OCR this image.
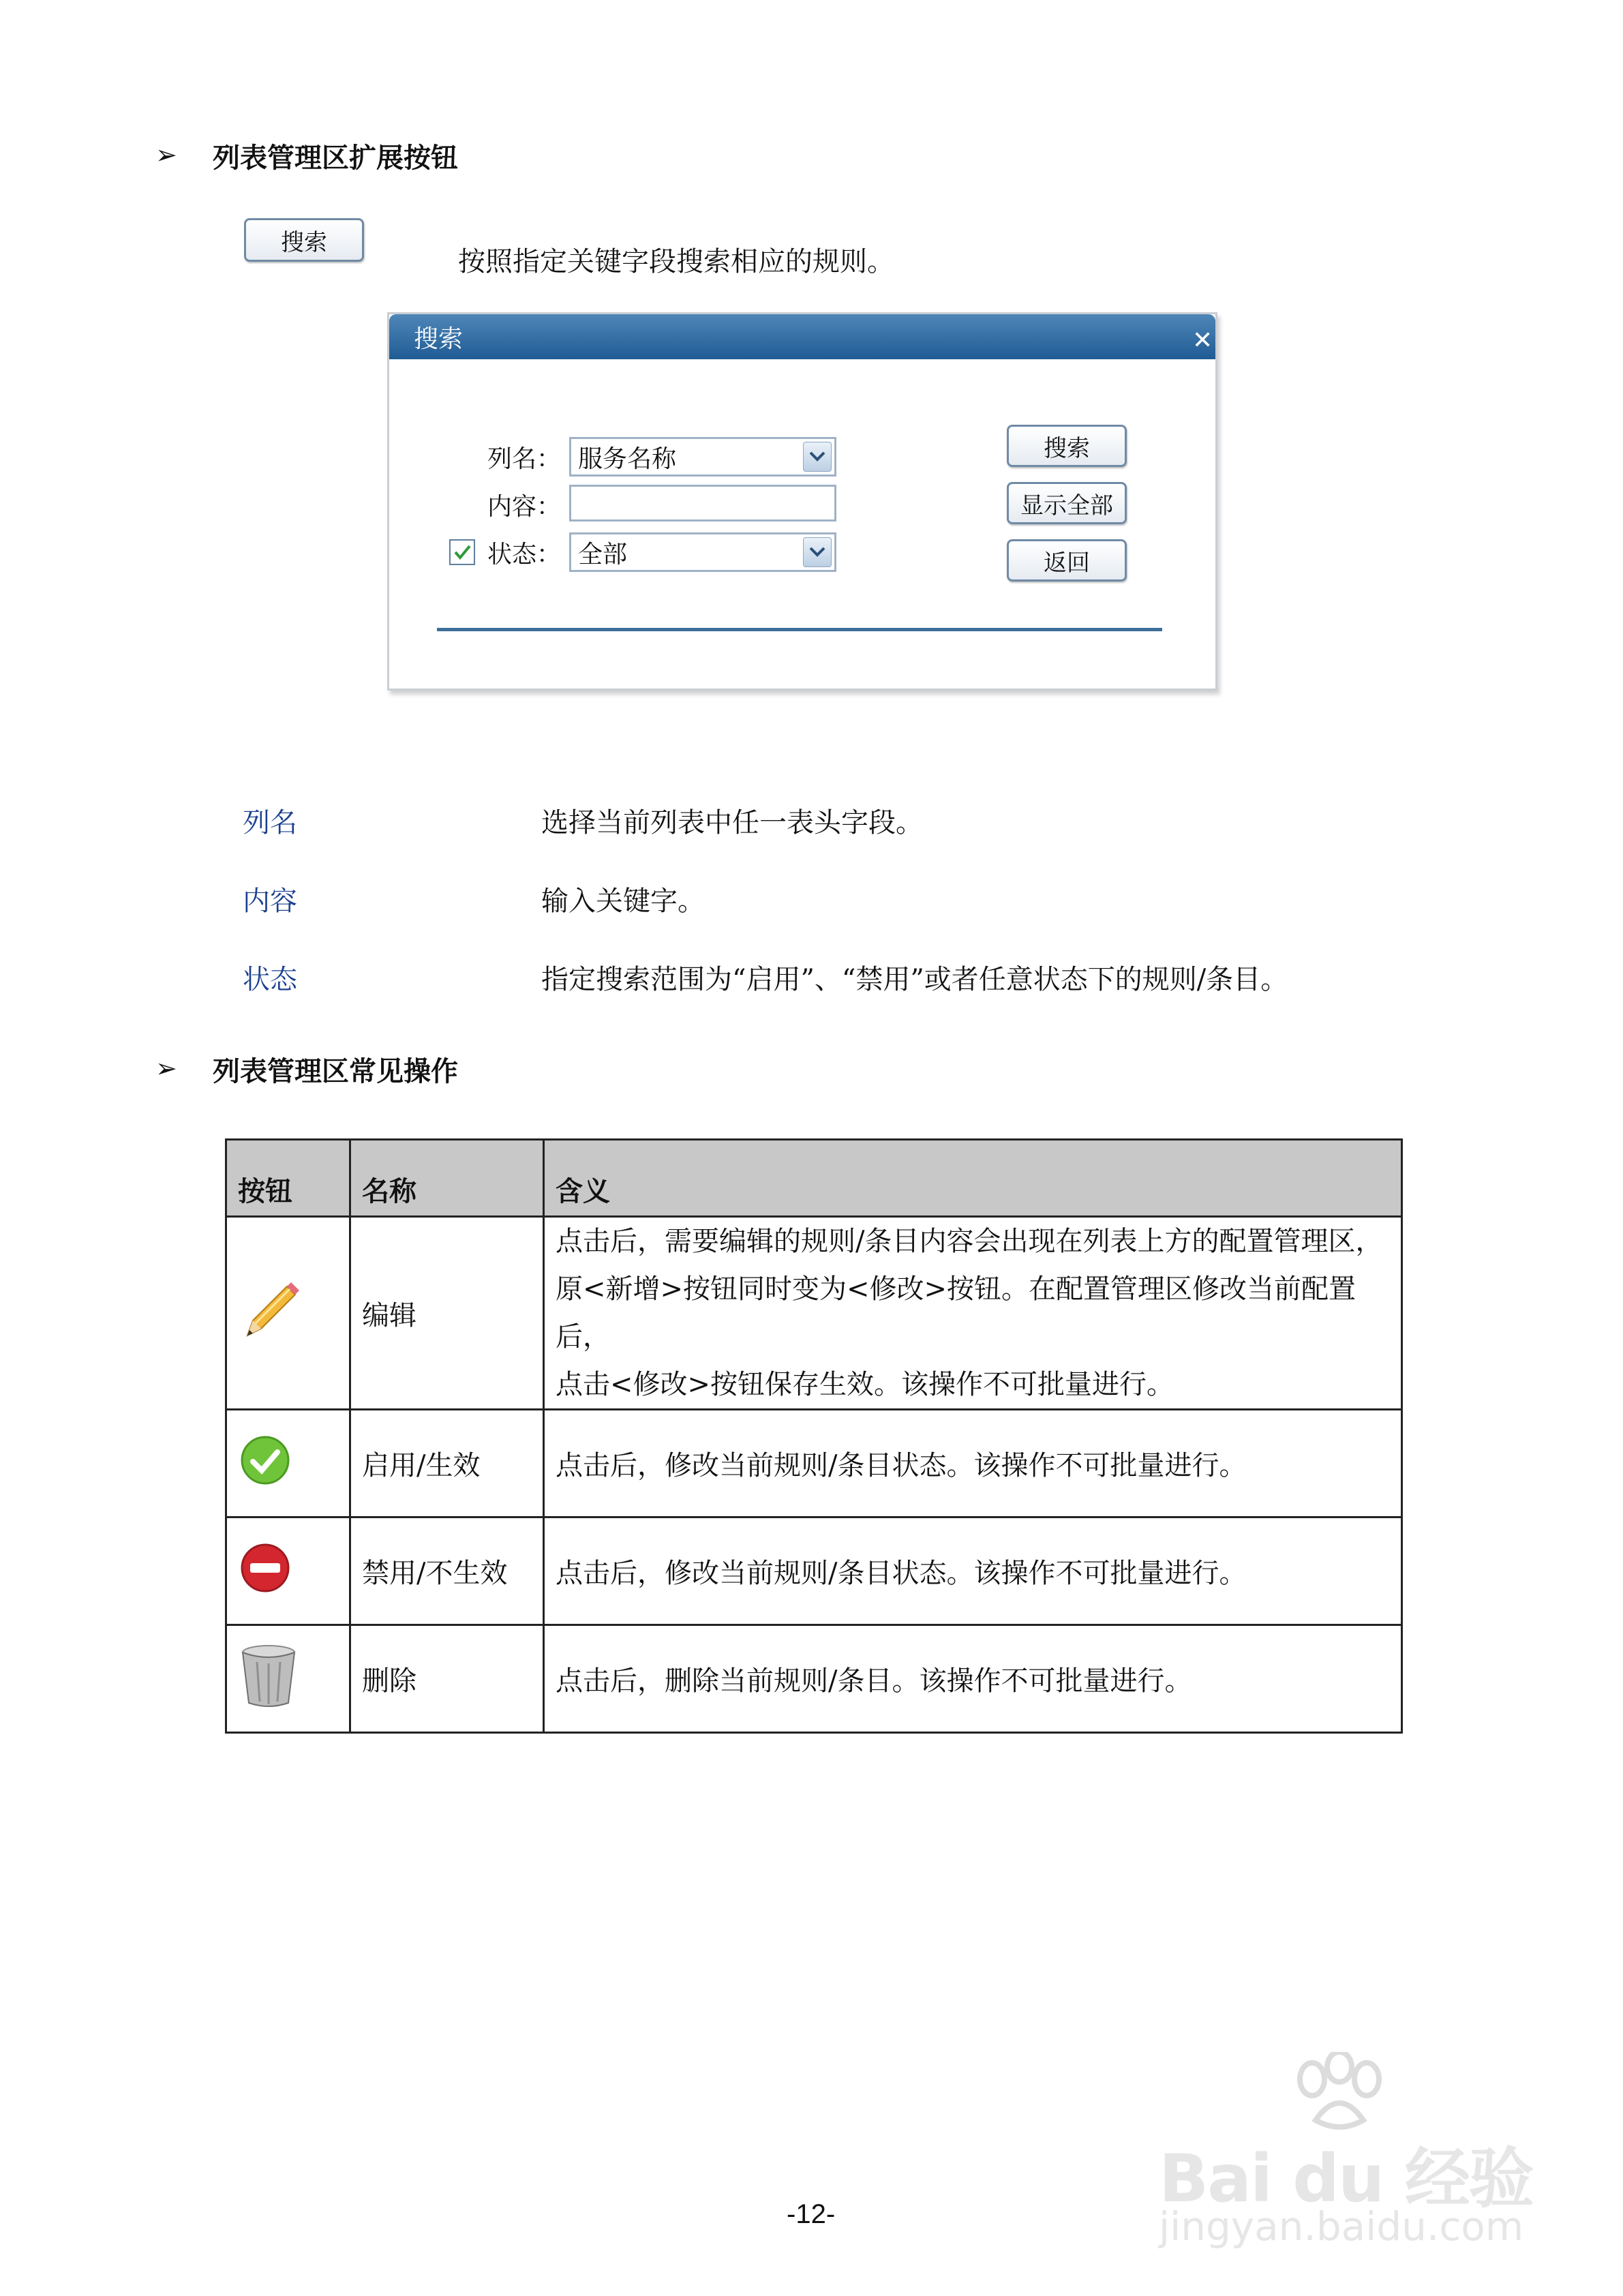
➢ 列表管理区扩展按钮
搜索
按照指定关键字段搜索相应的规则。
搜索	✕
列名： 服务名称
内容：
状态： 全部
搜索
显示全部
返回
列名	选择当前列表中任一表头字段。
内容	输入关键字。
状态	指定搜索范围为“启用”、“禁用”或者任意状态下的规则/条目。
➢ 列表管理区常见操作
按钮	名称	含义
	编辑	点击后，需要编辑的规则/条目内容会出现在列表上方的配置管理区，
原<新增>按钮同时变为<修改>按钮。在配置管理区修改当前配置后，
点击<修改>按钮保存生效。该操作不可批量进行。

	启用/生效	点击后，修改当前规则/条目状态。该操作不可批量进行。

	禁用/不生效	点击后，修改当前规则/条目状态。该操作不可批量进行。

	删除	点击后，删除当前规则/条目。该操作不可批量进行。
Bai du 经验
jingyan.baidu.com
-12-
